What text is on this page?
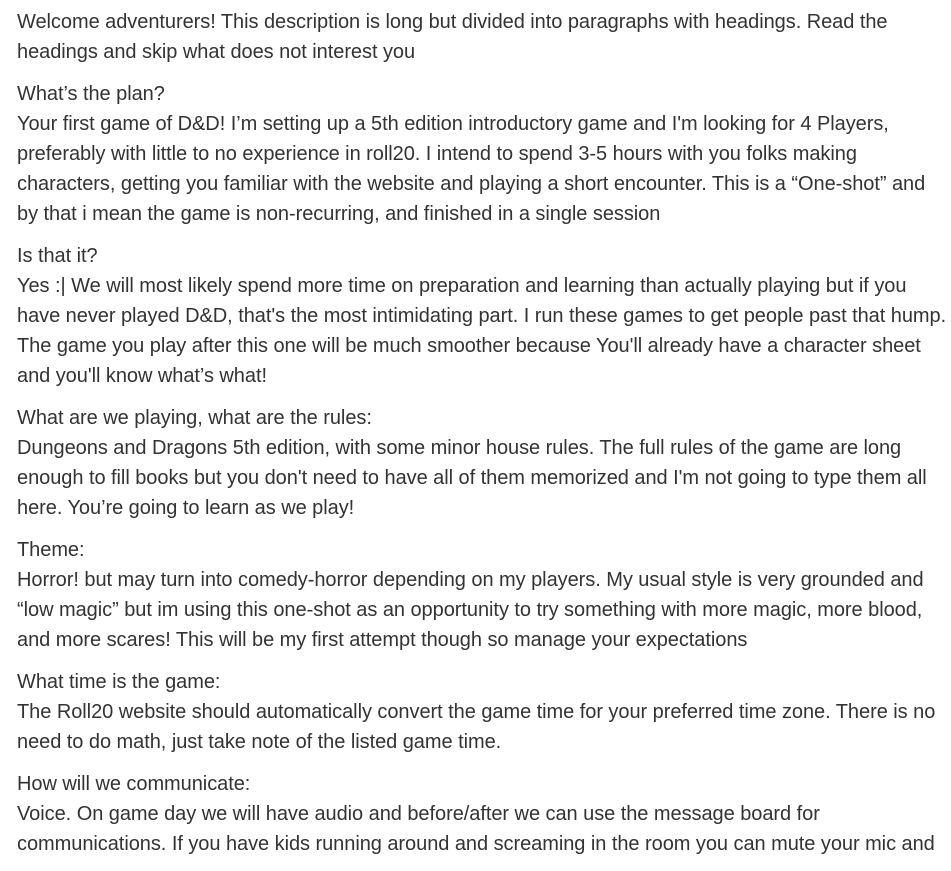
Welcome adventurers! This description is long but divided into paragraphs with headings. Read the headings and skip what does not interest you

What’s the plan?
Your first game of D&D! I’m setting up a 5th edition introductory game and I'm looking for 4 Players, preferably with little to no experience in roll20. I intend to spend 3-5 hours with you folks making characters, getting you familiar with the website and playing a short encounter. This is a “One-shot” and by that i mean the game is non-recurring, and finished in a single session

Is that it?
Yes :| We will most likely spend more time on preparation and learning than actually playing but if you have never played D&D, that's the most intimidating part. I run these games to get people past that hump. The game you play after this one will be much smoother because You'll already have a character sheet and you'll know what’s what!

What are we playing, what are the rules:
Dungeons and Dragons 5th edition, with some minor house rules. The full rules of the game are long enough to fill books but you don't need to have all of them memorized and I'm not going to type them all here. You’re going to learn as we play!

Theme:
Horror! but may turn into comedy-horror depending on my players. My usual style is very grounded and “low magic” but im using this one-shot as an opportunity to try something with more magic, more blood, and more scares! This will be my first attempt though so manage your expectations

What time is the game:
The Roll20 website should automatically convert the game time for your preferred time zone. There is no need to do math, just take note of the listed game time.

How will we communicate:
Voice. On game day we will have audio and before/after we can use the message board for communications. If you have kids running around and screaming in the room you can mute your mic and
